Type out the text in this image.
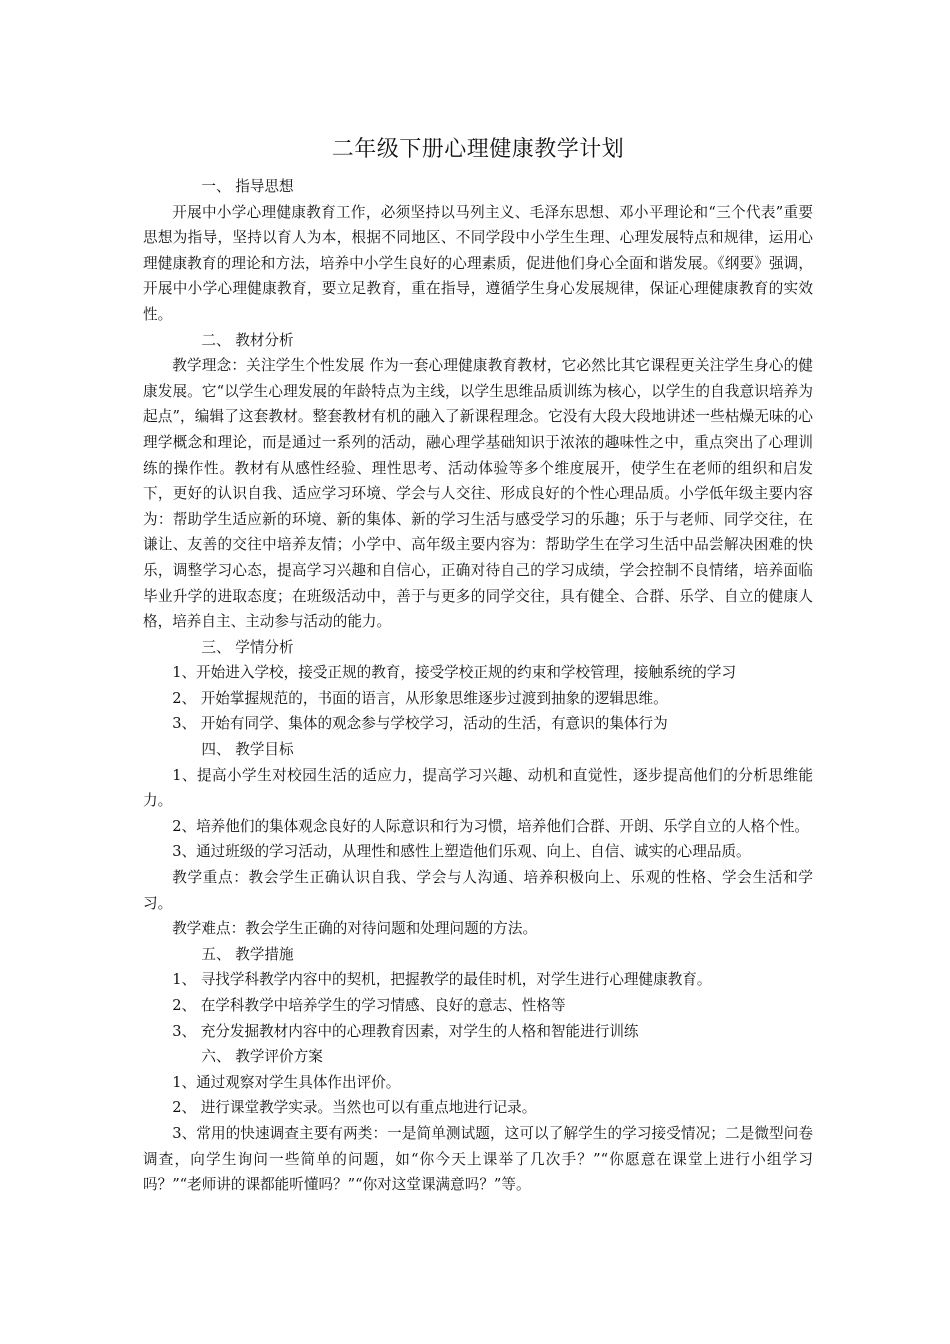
二年级下册心理健康教学计划
一、 指导思想

开展中小学心理健康教育工作，必须坚持以马列主义、毛泽东思想、邓小平理论和“三个代表”重要思想为指导，坚持以育人为本，根据不同地区、不同学段中小学生生理、心理发展特点和规律，运用心理健康教育的理论和方法，培养中小学生良好的心理素质，促进他们身心全面和谐发展。《纲要》强调，开展中小学心理健康教育，要立足教育，重在指导，遵循学生身心发展规律，保证心理健康教育的实效性。

二、 教材分析

教学理念：关注学生个性发展 作为一套心理健康教育教材，它必然比其它课程更关注学生身心的健康发展。它“以学生心理发展的年龄特点为主线，以学生思维品质训练为核心，以学生的自我意识培养为起点”，编辑了这套教材。整套教材有机的融入了新课程理念。它没有大段大段地讲述一些枯燥无味的心理学概念和理论，而是通过一系列的活动，融心理学基础知识于浓浓的趣味性之中，重点突出了心理训练的操作性。教材有从感性经验、理性思考、活动体验等多个维度展开，使学生在老师的组织和启发下，更好的认识自我、适应学习环境、学会与人交往、形成良好的个性心理品质。小学低年级主要内容为：帮助学生适应新的环境、新的集体、新的学习生活与感受学习的乐趣；乐于与老师、同学交往，在谦让、友善的交往中培养友情；小学中、高年级主要内容为：帮助学生在学习生活中品尝解决困难的快乐，调整学习心态，提高学习兴趣和自信心，正确对待自己的学习成绩，学会控制不良情绪，培养面临毕业升学的进取态度；在班级活动中，善于与更多的同学交往，具有健全、合群、乐学、自立的健康人格，培养自主、主动参与活动的能力。

三、 学情分析

1、开始进入学校，接受正规的教育，接受学校正规的约束和学校管理，接触系统的学习

2、 开始掌握规范的，书面的语言，从形象思维逐步过渡到抽象的逻辑思维。

3、 开始有同学、集体的观念参与学校学习，活动的生活，有意识的集体行为

四、 教学目标

1、提高小学生对校园生活的适应力，提高学习兴趣、动机和直觉性，逐步提高他们的分析思维能力。

2、培养他们的集体观念良好的人际意识和行为习惯，培养他们合群、开朗、乐学自立的人格个性。

3、通过班级的学习活动，从理性和感性上塑造他们乐观、向上、自信、诚实的心理品质。

教学重点：教会学生正确认识自我、学会与人沟通、培养积极向上、乐观的性格、学会生活和学习。

教学难点：教会学生正确的对待问题和处理问题的方法。

五、 教学措施

1、 寻找学科教学内容中的契机，把握教学的最佳时机，对学生进行心理健康教育。

2、 在学科教学中培养学生的学习情感、良好的意志、性格等

3、 充分发掘教材内容中的心理教育因素，对学生的人格和智能进行训练

六、 教学评价方案

1、通过观察对学生具体作出评价。

2、 进行课堂教学实录。当然也可以有重点地进行记录。

3、常用的快速调查主要有两类：一是简单测试题，这可以了解学生的学习接受情况；二是微型问卷调查，向学生询问一些简单的问题，如“你今天上课举了几次手？”“你愿意在课堂上进行小组学习吗？”“老师讲的课都能听懂吗？”“你对这堂课满意吗？”等。
